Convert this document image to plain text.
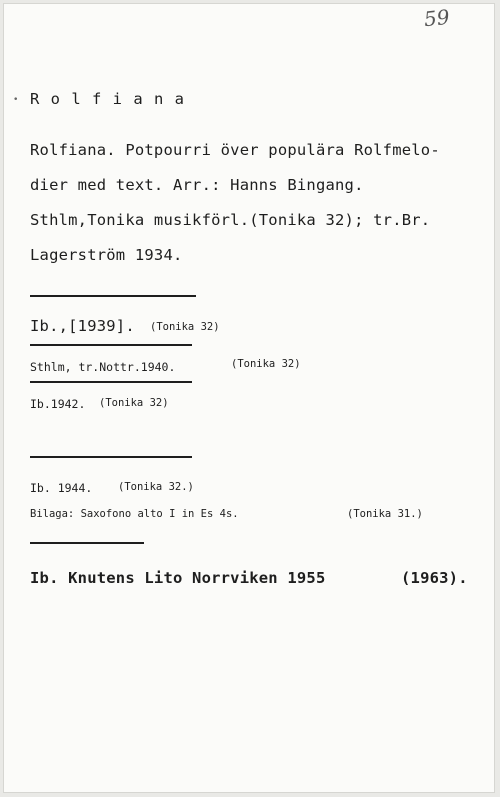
59
• R o l f i a n a
Rolfiana. Potpourri över populära Rolfmelo-
dier med text. Arr.: Hanns Bingang.
Sthlm,Tonika musikförl.(Tonika 32); tr.Br.
Lagerström 1934.
Ib.,[1939]. (Tonika 32)
Sthlm, tr.Nottr.1940.	(Tonika 32)
Ib.1942. (Tonika 32)
Ib. 1944. (Tonika 32.)
Bilaga: Saxofono alto I in Es 4s.	(Tonika 31.)
Ib. Knutens Lito Norrviken 1955	(1963).
